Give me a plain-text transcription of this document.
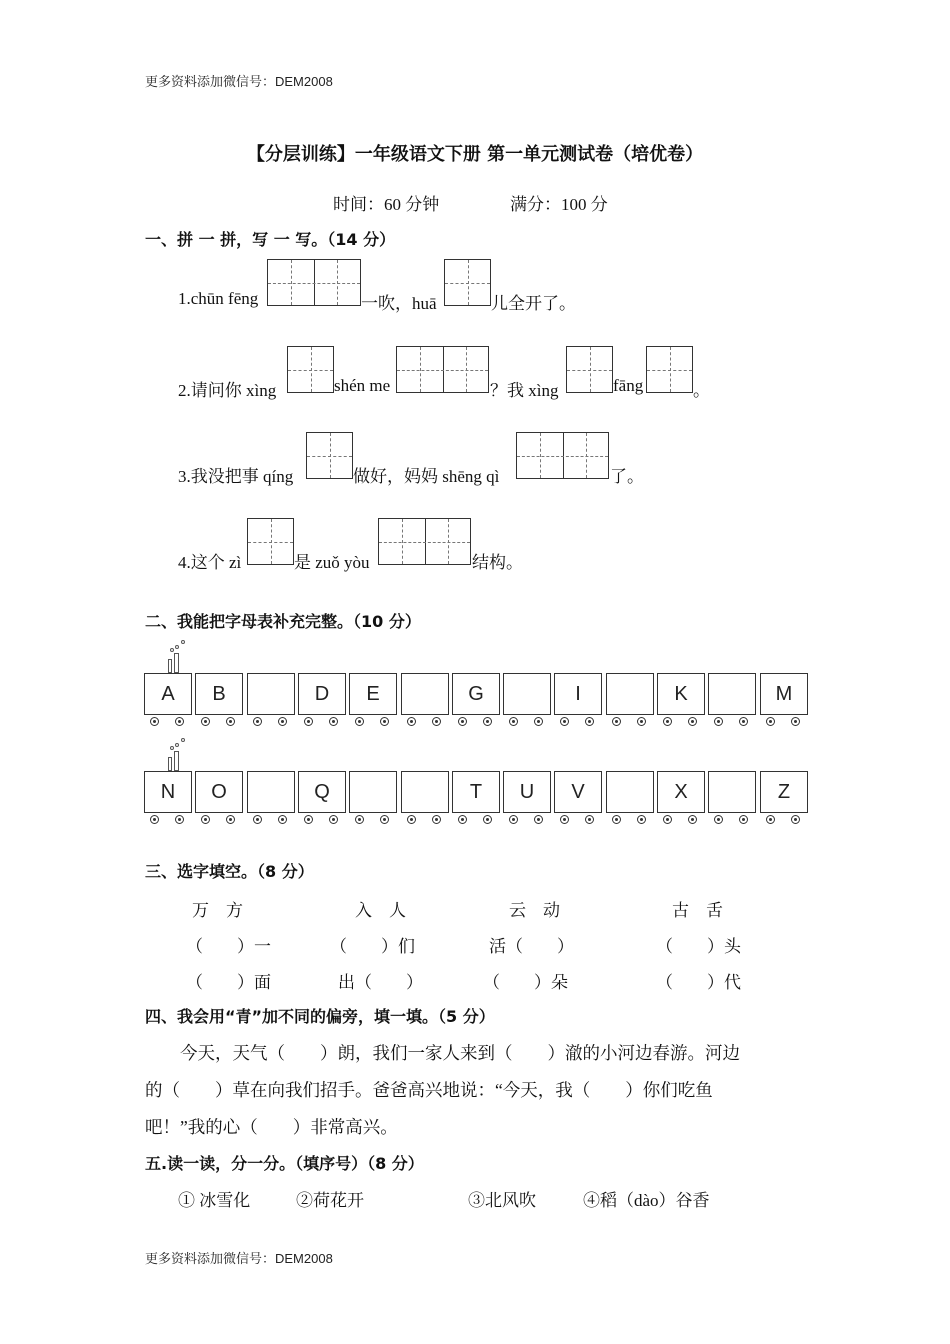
更多资料添加微信号：DEM2008
【分层训练】一年级语文下册 第一单元测试卷（培优卷）
时间：60 分钟	满分：100 分
一、拼 一 拼，写 一 写。（14 分）
1.chūn fēng	一吹，huā	儿全开了。
2.请问你 xìng	shén me	？我 xìng	fāng	。
3.我没把事 qíng	做好，妈妈 shēng qì	了。
4.这个 zì	是 zuǒ yòu	结构。
二、我能把字母表补充完整。（10 分）
A	B	D	E	G	I	K	M
N	O	Q	T	U	V	X	Z
三、选字填空。（8 分）
万　方	入　人	云　动	古　舌
（　　）一	（　　）们	活（　　）	（　　）头
（　　）面	出（　　）	（　　）朵	（　　）代
四、我会用“青”加不同的偏旁，填一填。（5 分）
今天，天气（　　）朗，我们一家人来到（　　）澈的小河边春游。河边
的（　　）草在向我们招手。爸爸高兴地说：“今天，我（　　）你们吃鱼
吧！”我的心（　　）非常高兴。
五.读一读，分一分。（填序号）（8 分）
① 冰雪化	②荷花开	③北风吹	④稻（dào）谷香
更多资料添加微信号：DEM2008
